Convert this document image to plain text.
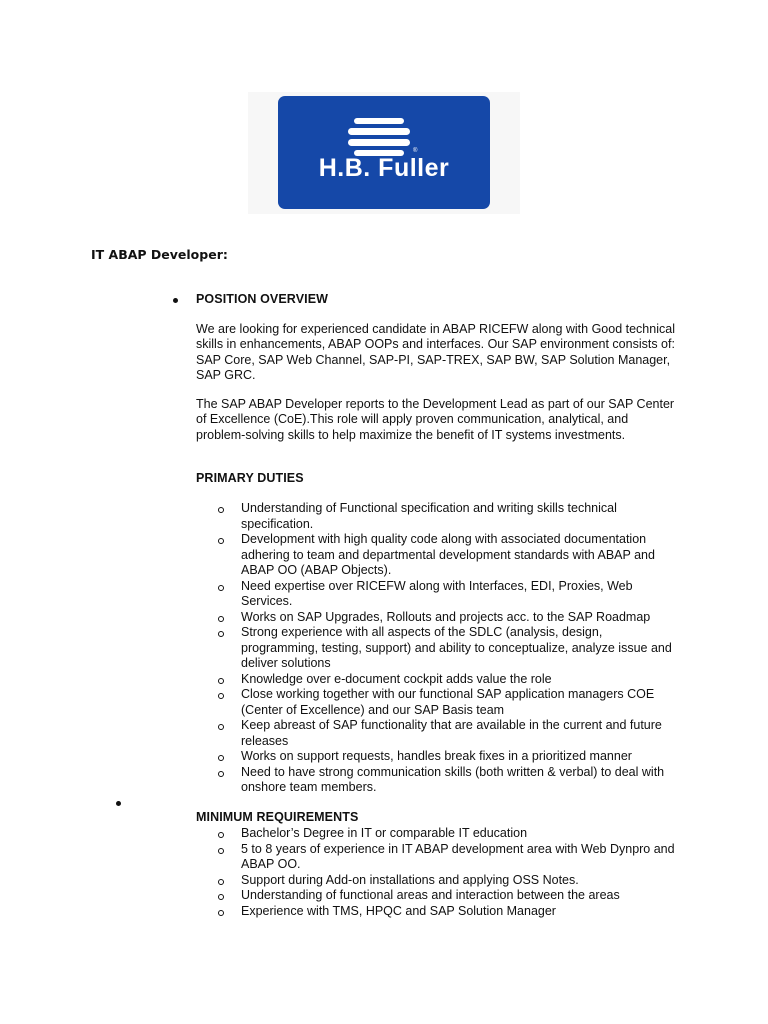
®
H.B. Fuller
IT ABAP Developer:
POSITION OVERVIEW

We are looking for experienced candidate in ABAP RICEFW along with Good technical
skills in enhancements, ABAP OOPs and interfaces. Our SAP environment consists of:
SAP Core, SAP Web Channel, SAP-PI, SAP-TREX, SAP BW, SAP Solution Manager,
SAP GRC.

The SAP ABAP Developer reports to the Development Lead as part of our SAP Center
of Excellence (CoE).This role will apply proven communication, analytical, and
problem-solving skills to help maximize the benefit of IT systems investments.

PRIMARY DUTIES
Understanding of Functional specification and writing skills technical
specification.
Development with high quality code along with associated documentation
adhering to team and departmental development standards with ABAP and
ABAP OO (ABAP Objects).
Need expertise over RICEFW along with Interfaces, EDI, Proxies, Web
Services.
Works on SAP Upgrades, Rollouts and projects acc. to the SAP Roadmap
Strong experience with all aspects of the SDLC (analysis, design,
programming, testing, support) and ability to conceptualize, analyze issue and
deliver solutions
Knowledge over e-document cockpit adds value the role
Close working together with our functional SAP application managers COE
(Center of Excellence) and our SAP Basis team
Keep abreast of SAP functionality that are available in the current and future
releases
Works on support requests, handles break fixes in a prioritized manner
Need to have strong communication skills (both written & verbal) to deal with
onshore team members.
MINIMUM REQUIREMENTS
Bachelor’s Degree in IT or comparable IT education
5 to 8 years of experience in IT ABAP development area with Web Dynpro and
ABAP OO.
Support during Add-on installations and applying OSS Notes.
Understanding of functional areas and interaction between the areas
Experience with TMS, HPQC and SAP Solution Manager
